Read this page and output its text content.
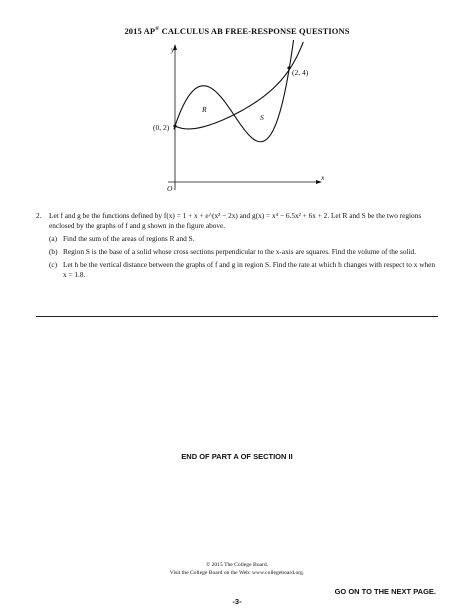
2015 AP® CALCULUS AB FREE-RESPONSE QUESTIONS
y
x
O
(0, 2)
(2, 4)
R
S
2. Let f and g be the functions defined by f(x) = 1 + x + e^(x² − 2x) and g(x) = x⁴ − 6.5x² + 6x + 2. Let R and S be the two regions enclosed by the graphs of f and g shown in the figure above.
(a) Find the sum of the areas of regions R and S.
(b) Region S is the base of a solid whose cross sections perpendicular to the x-axis are squares. Find the volume of the solid.
(c) Let h be the vertical distance between the graphs of f and g in region S. Find the rate at which h changes with respect to x when x = 1.8.
END OF PART A OF SECTION II
© 2015 The College Board.
Visit the College Board on the Web: www.collegeboard.org.
GO ON TO THE NEXT PAGE.
-3-
